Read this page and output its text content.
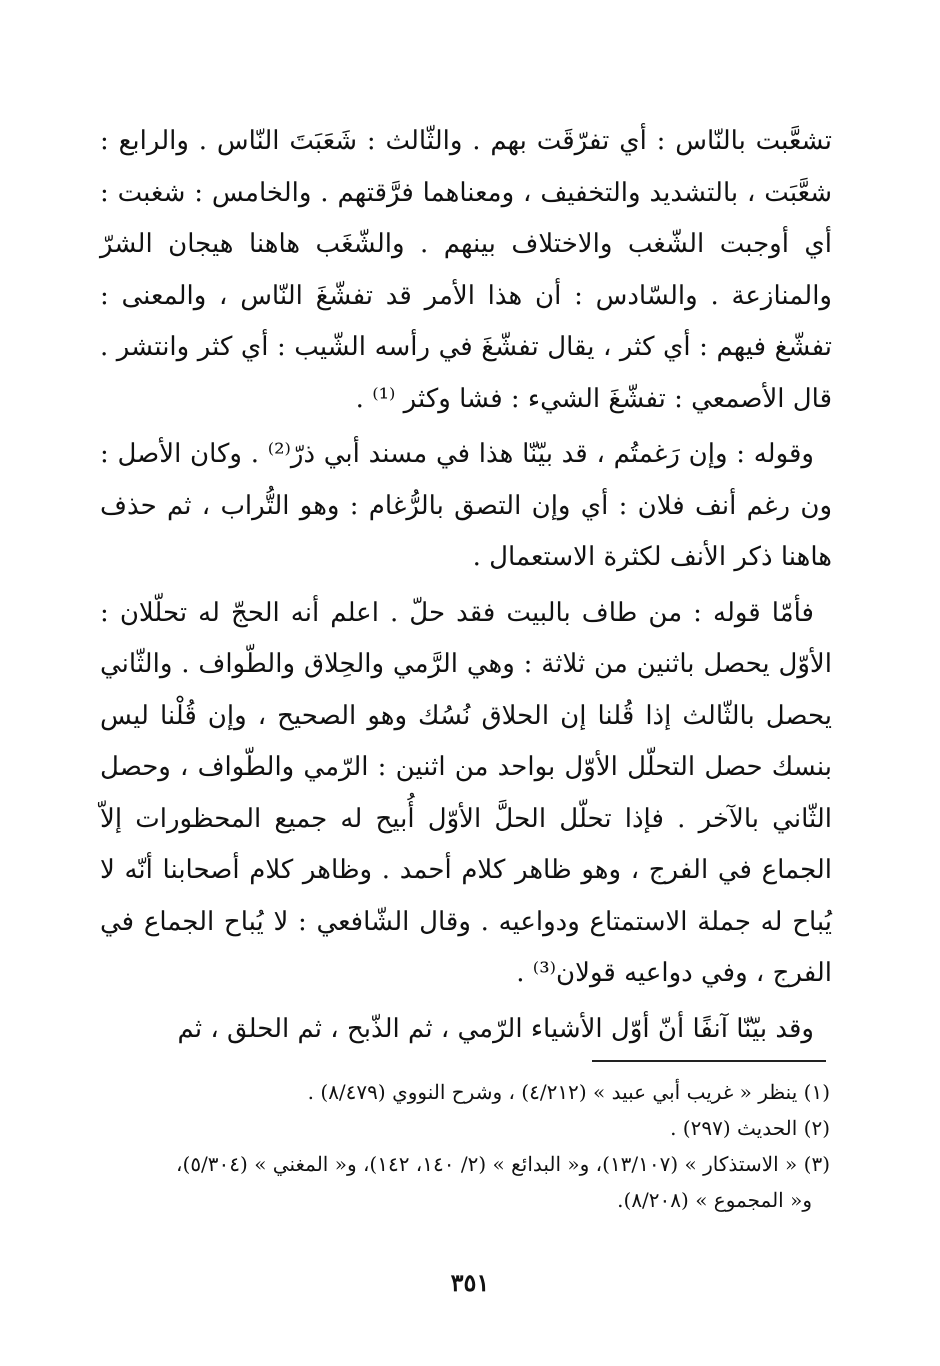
تشعَّبت بالنّاس : أي تفرّقَت بهم . والثّالث : شَعَبَتَ النّاس . والرابع : شعَّبَت ، بالتشديد والتخفيف ، ومعناهما فرَّقتهم . والخامس : شغبت : أي أوجبت الشّغب والاختلاف بينهم . والشّغَب هاهنا هيجان الشرّ والمنازعة . والسّادس : أن هذا الأمر قد تفشّغَ النّاس ، والمعنى : تفشّغ فيهم : أي كثر ، يقال تفشّغَ في رأسه الشّيب : أي كثر وانتشر . قال الأصمعي : تفشّغَ الشيء : فشا وكثر ⁽¹⁾ .

وقوله : وإن رَغمتُم ، قد بيّنّا هذا في مسند أبي ذرّ⁽²⁾ . وكان الأصل : ون رغم أنف فلان : أي وإن التصق بالرُّغام : وهو التُّراب ، ثم حذف هاهنا ذكر الأنف لكثرة الاستعمال .

فأمّا قوله : من طاف بالبيت فقد حلّ . اعلم أنه الحجّ له تحلّلان : الأوّل يحصل باثنين من ثلاثة : وهي الرَّمي والحِلاق والطّواف . والثّاني يحصل بالثّالث إذا قُلنا إن الحلاق نُسُك وهو الصحيح ، وإن قُلْنا ليس بنسك حصل التحلّل الأوّل بواحد من اثنين : الرّمي والطّواف ، وحصل الثّاني بالآخر . فإذا تحلّل الحلَّ الأوّل أُبيح له جميع المحظورات إلاّ الجماع في الفرج ، وهو ظاهر كلام أحمد . وظاهر كلام أصحابنا أنّه لا يُباح له جملة الاستمتاع ودواعيه . وقال الشّافعي : لا يُباح الجماع في الفرج ، وفي دواعيه قولان⁽³⁾ .

وقد بيّنّا آنفًا أنّ أوّل الأشياء الرّمي ، ثم الذّبح ، ثم الحلق ، ثم

(١) ينظر « غريب أبي عبيد » (٤/٢١٢) ، وشرح النووي (٨/٤٧٩) .

(٢) الحديث (٢٩٧) .

(٣) « الاستذكار » (١٣/١٠٧)، و« البدائع » (٢/ ١٤٠، ١٤٢)، و« المغني » (٥/٣٠٤)،

و« المجموع » (٨/٢٠٨).

٣٥١
